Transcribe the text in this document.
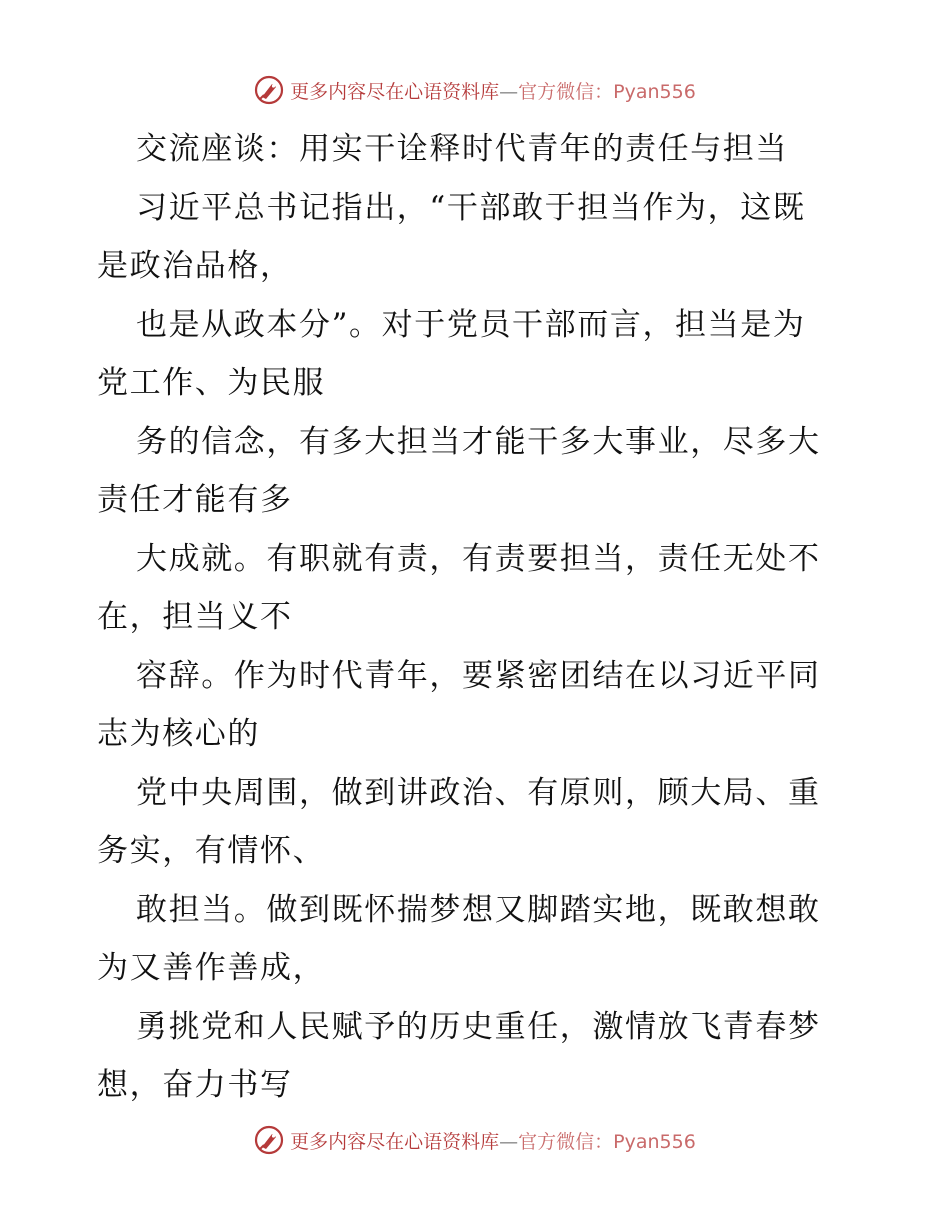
更多内容尽在心语资料库—官方微信：Pyan556
交流座谈：用实干诠释时代青年的责任与担当
习近平总书记指出，“干部敢于担当作为，这既
是政治品格，
也是从政本分”。对于党员干部而言，担当是为
党工作、为民服
务的信念，有多大担当才能干多大事业，尽多大
责任才能有多
大成就。有职就有责，有责要担当，责任无处不
在，担当义不
容辞。作为时代青年，要紧密团结在以习近平同
志为核心的
党中央周围，做到讲政治、有原则，顾大局、重
务实，有情怀、
敢担当。做到既怀揣梦想又脚踏实地，既敢想敢
为又善作善成，
勇挑党和人民赋予的历史重任，激情放飞青春梦
想，奋力书写
更多内容尽在心语资料库—官方微信：Pyan556
